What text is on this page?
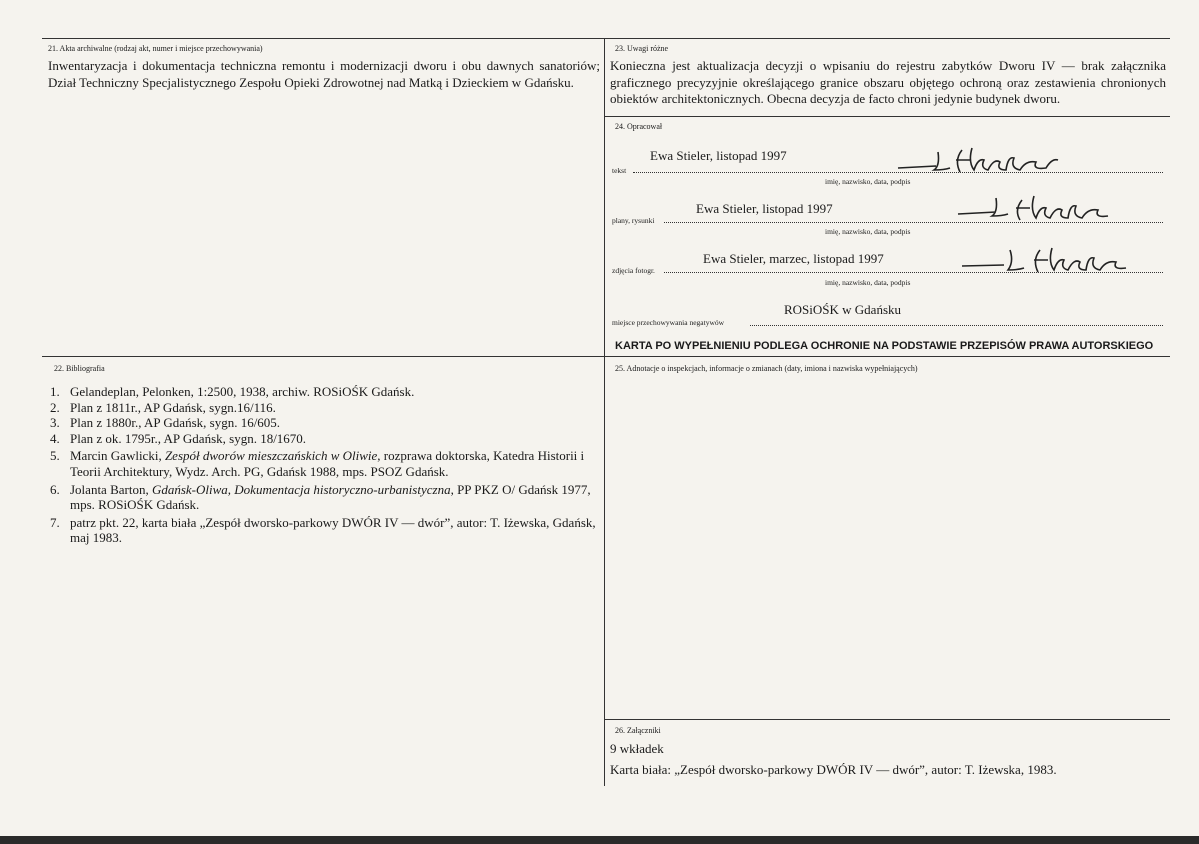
21. Akta archiwalne (rodzaj akt, numer i miejsce przechowywania)
Inwentaryzacja i dokumentacja techniczna remontu i modernizacji dworu i obu dawnych sanatoriów; Dział Techniczny Specjalistycznego Zespołu Opieki Zdrowotnej nad Matką i Dzieckiem w Gdańsku.
23. Uwagi różne
Konieczna jest aktualizacja decyzji o wpisaniu do rejestru zabytków Dworu IV — brak załącznika graficznego precyzyjnie określającego granice obszaru objętego ochroną oraz zestawienia chronionych obiektów architektonicznych. Obecna decyzja de facto chroni jedynie budynek dworu.
24. Opracował
Ewa Stieler, listopad 1997
tekst
imię, nazwisko, data, podpis
Ewa Stieler, listopad 1997
plany, rysunki
imię, nazwisko, data, podpis
Ewa Stieler, marzec, listopad 1997
zdjęcia fotogr.
imię, nazwisko, data, podpis
ROSiOŚK w Gdańsku
miejsce przechowywania negatywów
KARTA PO WYPEŁNIENIU PODLEGA OCHRONIE NA PODSTAWIE PRZEPISÓW PRAWA AUTORSKIEGO
22. Bibliografia
1. Gelandeplan, Pelonken, 1:2500, 1938, archiw. ROSiOŚK Gdańsk.
2. Plan z 1811r., AP Gdańsk, sygn.16/116.
3. Plan z 1880r., AP Gdańsk, sygn. 16/605.
4. Plan z ok. 1795r., AP Gdańsk, sygn. 18/1670.
5. Marcin Gawlicki, Zespół dworów mieszczańskich w Oliwie, rozprawa doktorska, Katedra Historii i Teorii Architektury, Wydz. Arch. PG, Gdańsk 1988, mps. PSOZ Gdańsk.
6. Jolanta Barton, Gdańsk-Oliwa, Dokumentacja historyczno-urbanistyczna, PP PKZ O/ Gdańsk 1977, mps. ROSiOŚK Gdańsk.
7. patrz pkt. 22, karta biała „Zespół dworsko-parkowy DWÓR IV — dwór”, autor: T. Iżewska, Gdańsk, maj 1983.
25. Adnotacje o inspekcjach, informacje o zmianach (daty, imiona i nazwiska wypełniających)
26. Załączniki
9 wkładek
Karta biała: „Zespół dworsko-parkowy DWÓR IV — dwór”, autor: T. Iżewska, 1983.
